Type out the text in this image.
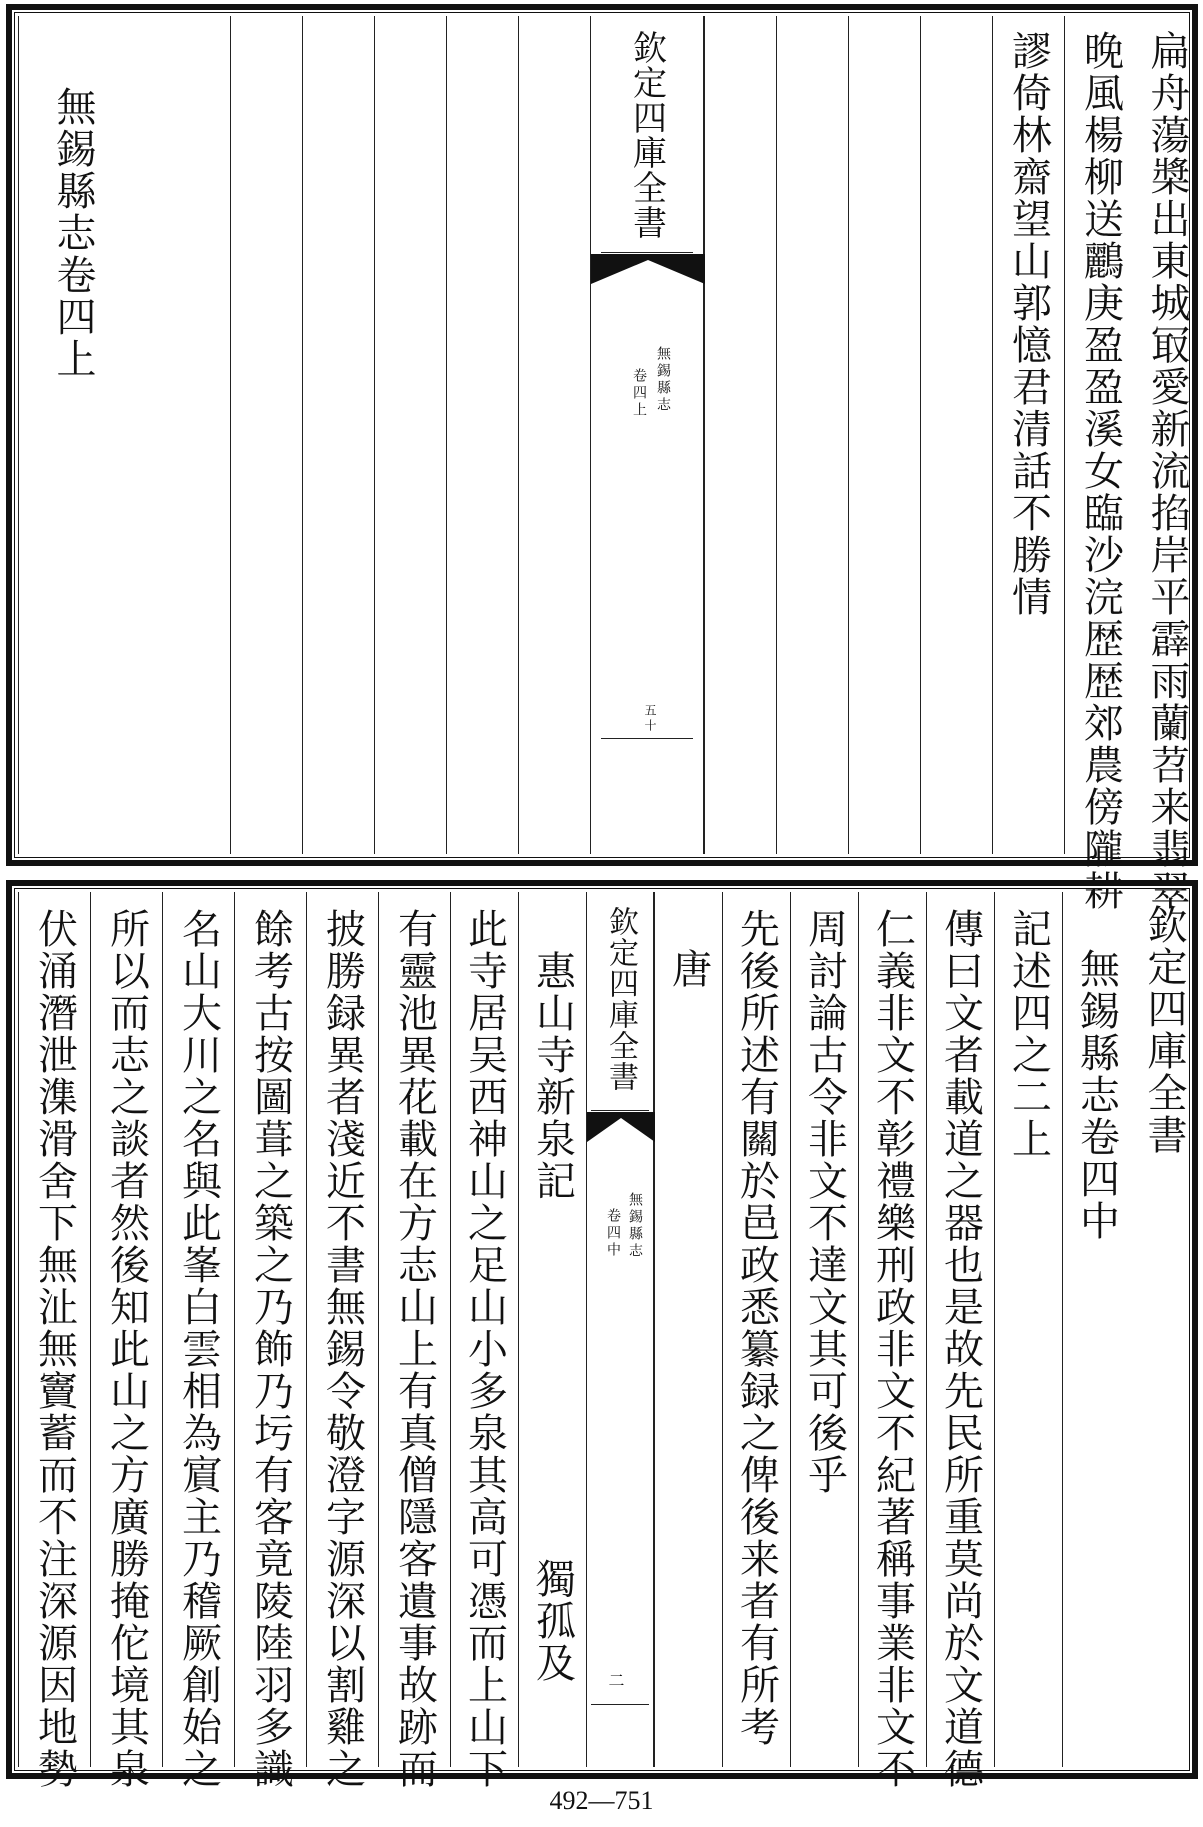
扁舟蕩槳出東城冣愛新流掐岸平霹雨蘭苕来翡翠
晚風楊柳送鸝庚盈盈溪女臨沙浣歴歴郊農傍隴耕
謬倚林齋望山郭憶君清話不勝情
欽定四庫全書
無錫縣志
卷四上
五十
無錫縣志卷四上
欽定四庫全書
無錫縣志卷四中
記述四之二上
傳曰文者載道之器也是故先民所重莫尚於文道德
仁義非文不彰禮樂刑政非文不紀著稱事業非文不
周討論古令非文不達文其可後乎
先後所述有關於邑政悉纂録之俾後来者有所考
唐
欽定四庫全書
無錫縣志
卷四中
二
惠山寺新泉記
獨孤及
此寺居吴西神山之足山小多泉其高可憑而上山下
有靈池異花載在方志山上有真僧隱客遺事故跡而
披勝録異者淺近不書無錫令敬澄字源深以割雞之
餘考古按圖葺之築之乃飾乃圬有客竟陵陸羽多識
名山大川之名與此峯白雲相為賔主乃稽厥創始之
所以而志之談者然後知此山之方廣勝掩佗境其泉
伏涌潛泄潗滑舍下無沚無竇蓄而不注深源因地勢
492—751
